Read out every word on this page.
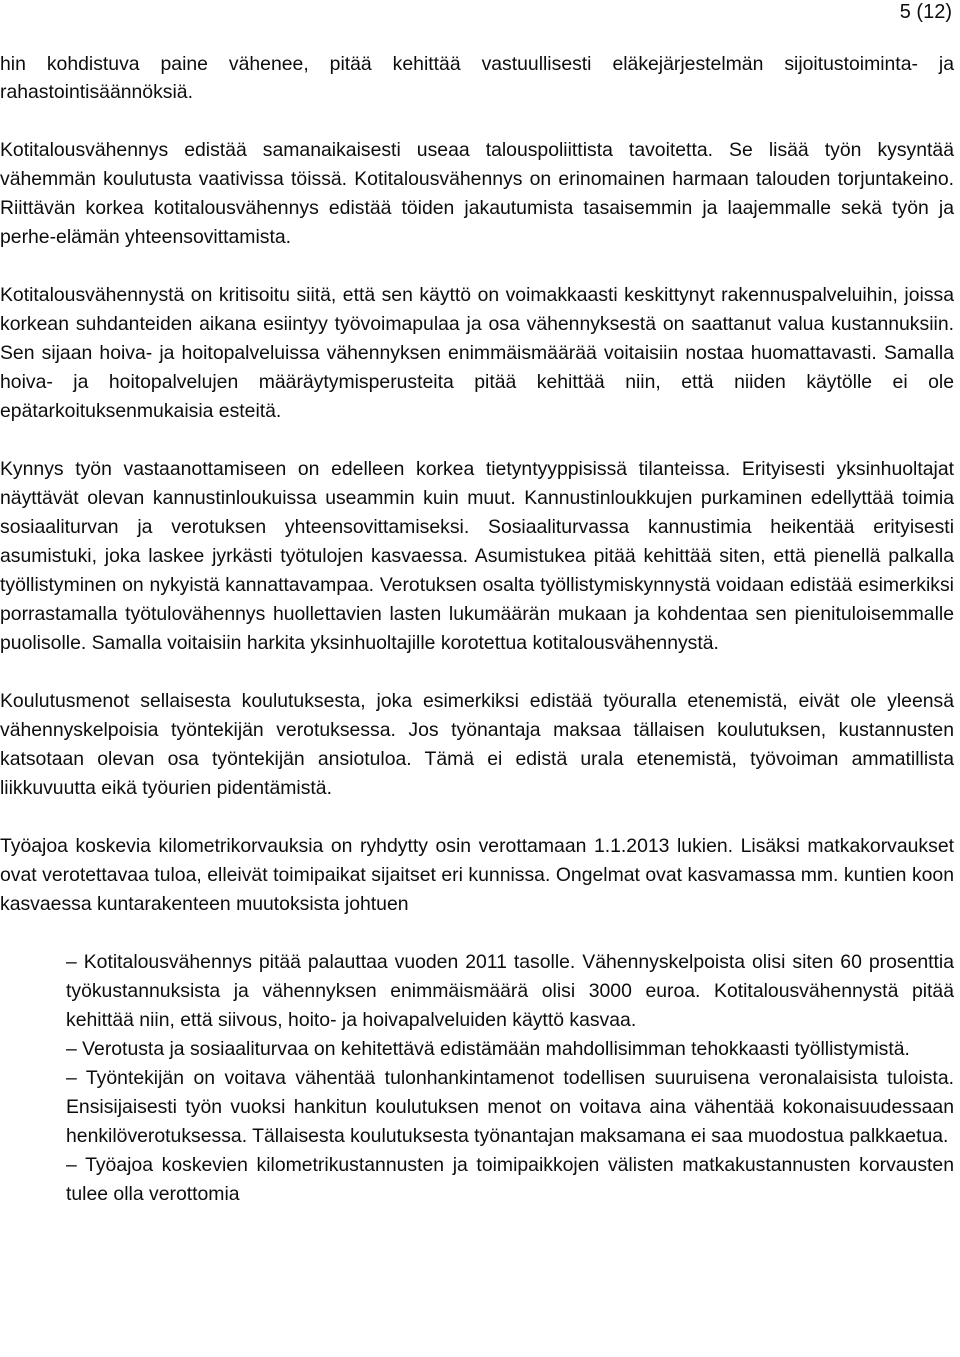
5 (12)

hin kohdistuva paine vähenee, pitää kehittää vastuullisesti eläkejärjestelmän sijoitustoiminta- ja rahastointisäännöksiä.

Kotitalousvähennys edistää samanaikaisesti useaa talouspoliittista tavoitetta. Se lisää työn kysyntää vähemmän koulutusta vaativissa töissä. Kotitalousvähennys on erinomainen harmaan talouden torjuntakeino. Riittävän korkea kotitalousvähennys edistää töiden jakautumista tasaisemmin ja laajemmalle sekä työn ja perhe-elämän yhteensovittamista.

Kotitalousvähennystä on kritisoitu siitä, että sen käyttö on voimakkaasti keskittynyt rakennuspalveluihin, joissa korkean suhdanteiden aikana esiintyy työvoimapulaa ja osa vähennyksestä on saattanut valua kustannuksiin. Sen sijaan hoiva- ja hoitopalveluissa vähennyksen enimmäismäärää voitaisiin nostaa huomattavasti. Samalla hoiva- ja hoitopalvelujen määräytymisperusteita pitää kehittää niin, että niiden käytölle ei ole epätarkoituksenmukaisia esteitä.

Kynnys työn vastaanottamiseen on edelleen korkea tietyntyyppisissä tilanteissa. Erityisesti yksinhuoltajat näyttävät olevan kannustinloukuissa useammin kuin muut. Kannustinloukkujen purkaminen edellyttää toimia sosiaaliturvan ja verotuksen yhteensovittamiseksi. Sosiaaliturvassa kannustimia heikentää erityisesti asumistuki, joka laskee jyrkästi työtulojen kasvaessa. Asumistukea pitää kehittää siten, että pienellä palkalla työllistyminen on nykyistä kannattavampaa. Verotuksen osalta työllistymiskynnystä voidaan edistää esimerkiksi porrastamalla työtulovähennys huollettavien lasten lukumäärän mukaan ja kohdentaa sen pienituloisemmalle puolisolle. Samalla voitaisiin harkita yksinhuoltajille korotettua kotitalousvähennystä.

Koulutusmenot sellaisesta koulutuksesta, joka esimerkiksi edistää työuralla etenemistä, eivät ole yleensä vähennyskelpoisia työntekijän verotuksessa. Jos työnantaja maksaa tällaisen koulutuksen, kustannusten katsotaan olevan osa työntekijän ansiotuloa. Tämä ei edistä urala etenemistä, työvoiman ammatillista liikkuvuutta eikä työurien pidentämistä.

Työajoa koskevia kilometrikorvauksia on ryhdytty osin verottamaan 1.1.2013 lukien. Lisäksi matkakorvaukset ovat verotettavaa tuloa, elleivät toimipaikat sijaitset eri kunnissa. Ongelmat ovat kasvamassa mm. kuntien koon kasvaessa kuntarakenteen muutoksista johtuen

– Kotitalousvähennys pitää palauttaa vuoden 2011 tasolle. Vähennyskelpoista olisi siten 60 prosenttia työkustannuksista ja vähennyksen enimmäismäärä olisi 3000 euroa. Kotitalousvähennystä pitää kehittää niin, että siivous, hoito- ja hoivapalveluiden käyttö kasvaa.
– Verotusta ja sosiaaliturvaa on kehitettävä edistämään mahdollisimman tehokkaasti työllistymistä.
– Työntekijän on voitava vähentää tulonhankintamenot todellisen suuruisena veronalaisista tuloista. Ensisijaisesti työn vuoksi hankitun koulutuksen menot on voitava aina vähentää kokonaisuudessaan henkilöverotuksessa. Tällaisesta koulutuksesta työnantajan maksamana ei saa muodostua palkkaetua.
– Työajoa koskevien kilometrikustannusten ja toimipaikkojen välisten matkakustannusten korvausten tulee olla verottomia
